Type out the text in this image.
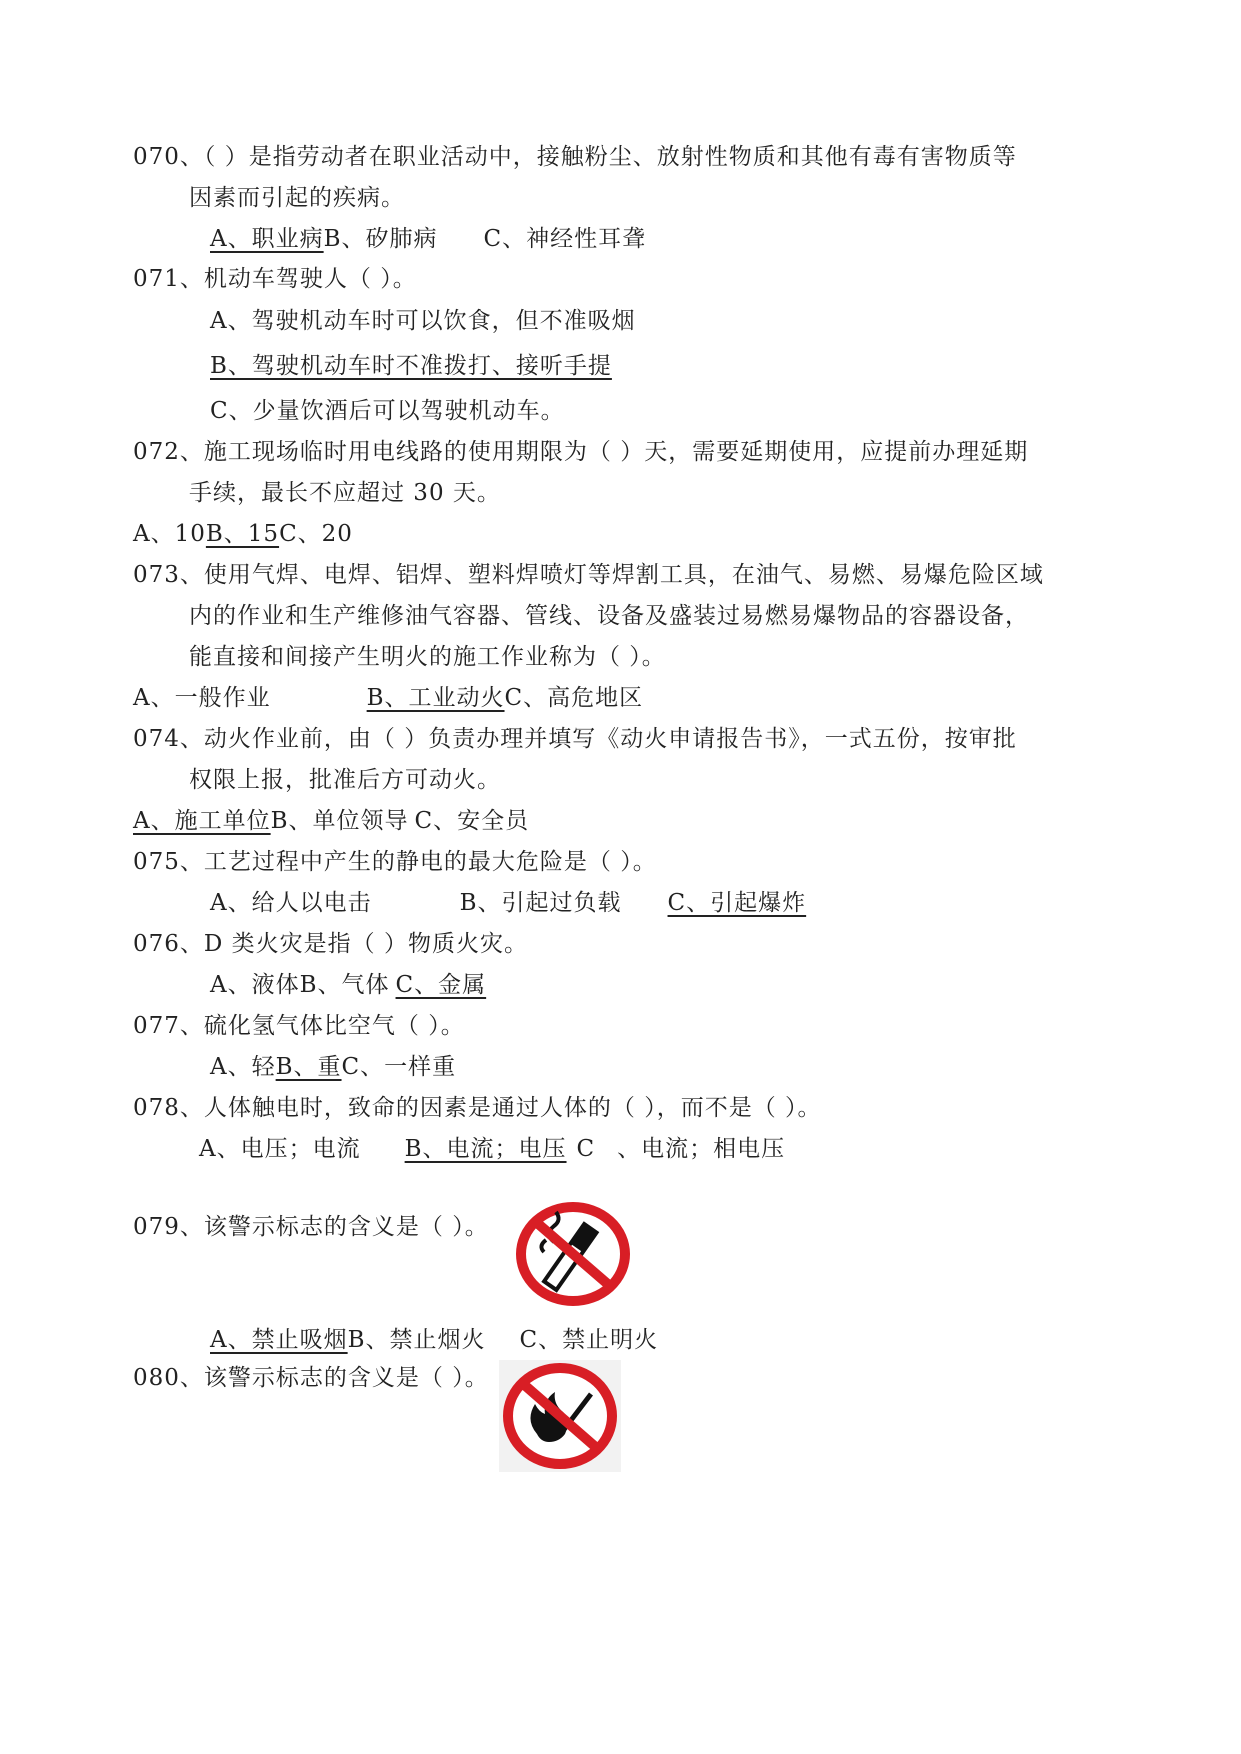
070、（ ）是指劳动者在职业活动中，接触粉尘、放射性物质和其他有毒有害物质等
因素而引起的疾病。
A、职业病B、矽肺病 C、神经性耳聋
071、机动车驾驶人（ ）。
A、驾驶机动车时可以饮食，但不准吸烟
B、驾驶机动车时不准拨打、接听手提
C、少量饮酒后可以驾驶机动车。
072、施工现场临时用电线路的使用期限为（ ）天，需要延期使用，应提前办理延期
手续，最长不应超过 30 天。
A、10B、15C、20
073、使用气焊、电焊、铝焊、塑料焊喷灯等焊割工具，在油气、易燃、易爆危险区域
内的作业和生产维修油气容器、管线、设备及盛装过易燃易爆物品的容器设备，
能直接和间接产生明火的施工作业称为（ ）。
A、一般作业	B、工业动火C、高危地区
074、动火作业前，由（ ）负责办理并填写《动火申请报告书》，一式五份，按审批
权限上报，批准后方可动火。
A、施工单位B、单位领导 C、安全员
075、工艺过程中产生的静电的最大危险是（ ）。
A、给人以电击	B、引起过负载 C、引起爆炸
076、D 类火灾是指（ ）物质火灾。
A、液体B、气体 C、金属
077、硫化氢气体比空气（ ）。
A、轻B、重C、一样重
078、人体触电时，致命的因素是通过人体的（ ），而不是（ ）。
A、电压；电流 B、电流；电压 C 、电流；相电压
079、该警示标志的含义是（ ）。
A、禁止吸烟B、禁止烟火 C、禁止明火
080、该警示标志的含义是（ ）。
